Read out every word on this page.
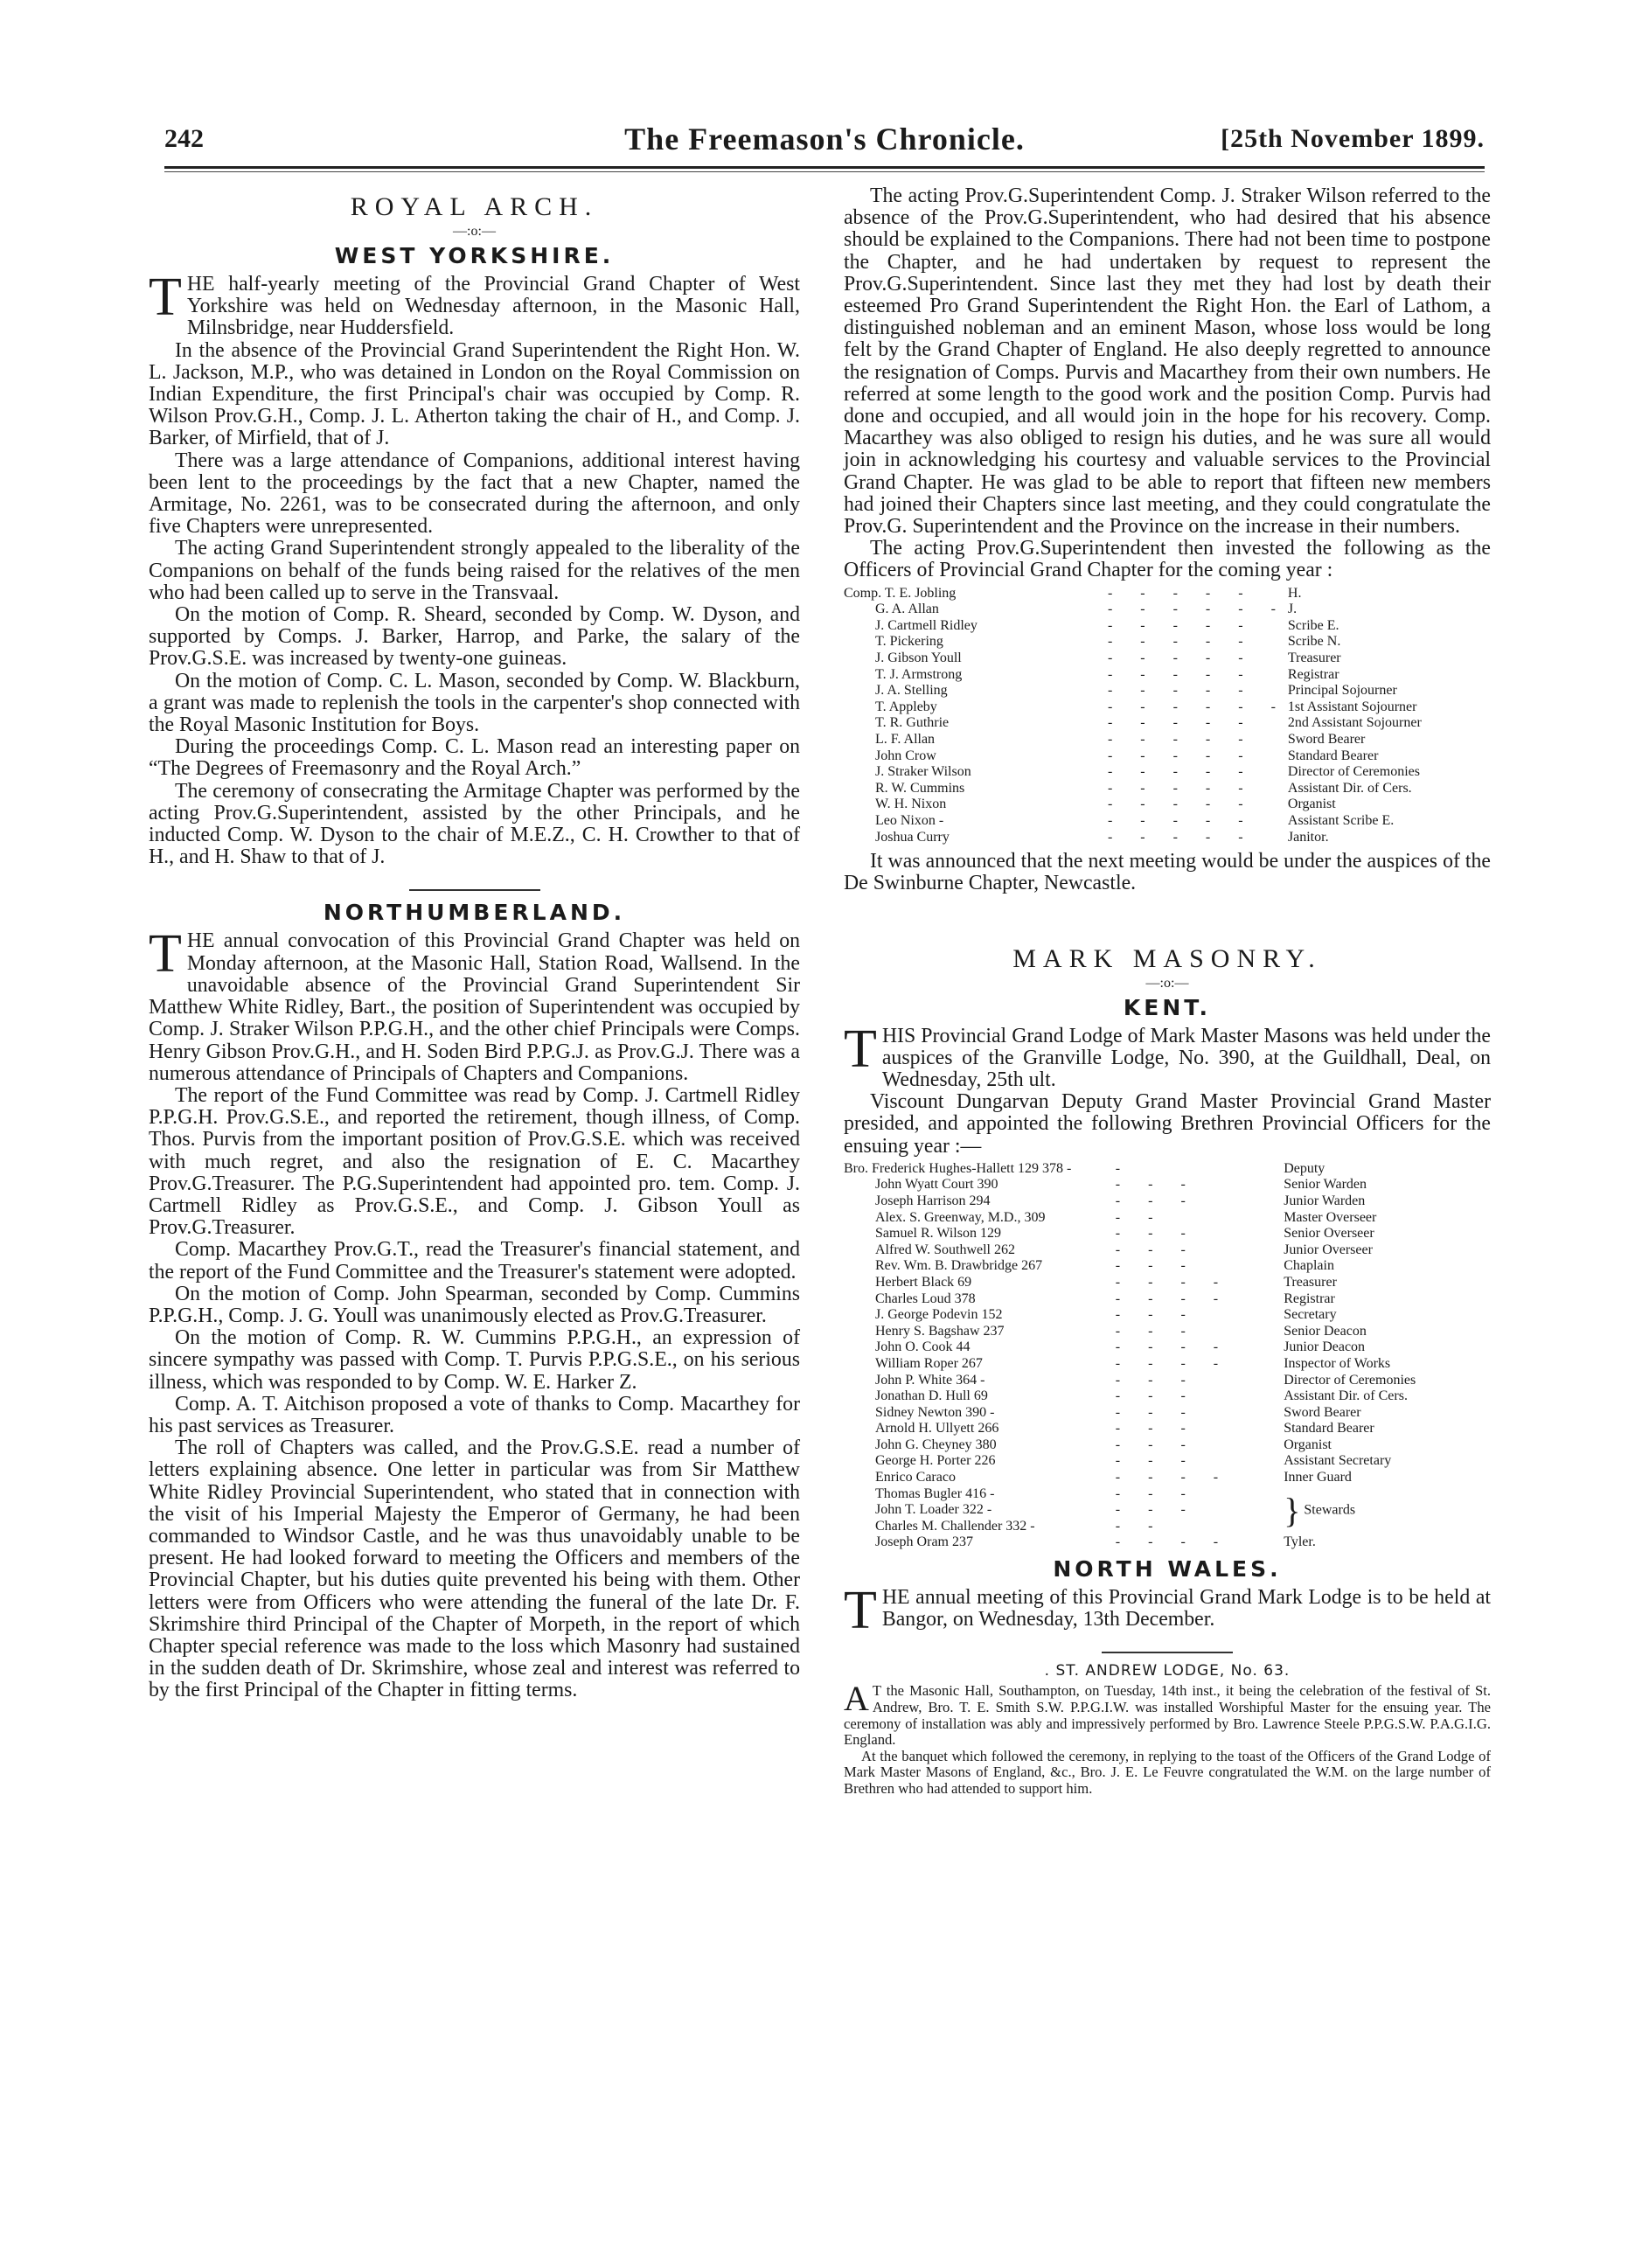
242	The Freemason's Chronicle.	[25th November 1899.
ROYAL ARCH.
—:o:—
WEST YORKSHIRE.

THE half-yearly meeting of the Provincial Grand Chapter of West Yorkshire was held on Wednesday afternoon, in the Masonic Hall, Milnsbridge, near Huddersfield.

In the absence of the Provincial Grand Superintendent the Right Hon. W. L. Jackson, M.P., who was detained in London on the Royal Commission on Indian Expenditure, the first Principal's chair was occupied by Comp. R. Wilson Prov.G.H., Comp. J. L. Atherton taking the chair of H., and Comp. J. Barker, of Mirfield, that of J.

There was a large attendance of Companions, additional interest having been lent to the proceedings by the fact that a new Chapter, named the Armitage, No. 2261, was to be consecrated during the afternoon, and only five Chapters were unrepresented.

The acting Grand Superintendent strongly appealed to the liberality of the Companions on behalf of the funds being raised for the relatives of the men who had been called up to serve in the Transvaal.

On the motion of Comp. R. Sheard, seconded by Comp. W. Dyson, and supported by Comps. J. Barker, Harrop, and Parke, the salary of the Prov.G.S.E. was increased by twenty-one guineas.

On the motion of Comp. C. L. Mason, seconded by Comp. W. Blackburn, a grant was made to replenish the tools in the carpenter's shop connected with the Royal Masonic Institution for Boys.

During the proceedings Comp. C. L. Mason read an interesting paper on “The Degrees of Freemasonry and the Royal Arch.”

The ceremony of consecrating the Armitage Chapter was performed by the acting Prov.G.Superintendent, assisted by the other Principals, and he inducted Comp. W. Dyson to the chair of M.E.Z., C. H. Crowther to that of H., and H. Shaw to that of J.

NORTHUMBERLAND.

THE annual convocation of this Provincial Grand Chapter was held on Monday afternoon, at the Masonic Hall, Station Road, Wallsend. In the unavoidable absence of the Provincial Grand Superintendent Sir Matthew White Ridley, Bart., the position of Superintendent was occupied by Comp. J. Straker Wilson P.P.G.H., and the other chief Principals were Comps. Henry Gibson Prov.G.H., and H. Soden Bird P.P.G.J. as Prov.G.J. There was a numerous attendance of Principals of Chapters and Companions.

The report of the Fund Committee was read by Comp. J. Cartmell Ridley P.P.G.H. Prov.G.S.E., and reported the retirement, though illness, of Comp. Thos. Purvis from the important position of Prov.G.S.E. which was received with much regret, and also the resignation of E. C. Macarthey Prov.G.Treasurer. The P.G.Superintendent had appointed pro. tem. Comp. J. Cartmell Ridley as Prov.G.S.E., and Comp. J. Gibson Youll as Prov.G.Treasurer.

Comp. Macarthey Prov.G.T., read the Treasurer's financial statement, and the report of the Fund Committee and the Treasurer's statement were adopted.

On the motion of Comp. John Spearman, seconded by Comp. Cummins P.P.G.H., Comp. J. G. Youll was unanimously elected as Prov.G.Treasurer.

On the motion of Comp. R. W. Cummins P.P.G.H., an expression of sincere sympathy was passed with Comp. T. Purvis P.P.G.S.E., on his serious illness, which was responded to by Comp. W. E. Harker Z.

Comp. A. T. Aitchison proposed a vote of thanks to Comp. Macarthey for his past services as Treasurer.

The roll of Chapters was called, and the Prov.G.S.E. read a number of letters explaining absence. One letter in particular was from Sir Matthew White Ridley Provincial Superintendent, who stated that in connection with the visit of his Imperial Majesty the Emperor of Germany, he had been commanded to Windsor Castle, and he was thus unavoidably unable to be present. He had looked forward to meeting the Officers and members of the Provincial Chapter, but his duties quite prevented his being with them. Other letters were from Officers who were attending the funeral of the late Dr. F. Skrimshire third Principal of the Chapter of Morpeth, in the report of which Chapter special reference was made to the loss which Masonry had sustained in the sudden death of Dr. Skrimshire, whose zeal and interest was referred to by the first Principal of the Chapter in fitting terms.

The acting Prov.G.Superintendent Comp. J. Straker Wilson referred to the absence of the Prov.G.Superintendent, who had desired that his absence should be explained to the Companions. There had not been time to postpone the Chapter, and he had undertaken by request to represent the Prov.G.Superintendent. Since last they met they had lost by death their esteemed Pro Grand Superintendent the Right Hon. the Earl of Lathom, a distinguished nobleman and an eminent Mason, whose loss would be long felt by the Grand Chapter of England. He also deeply regretted to announce the resignation of Comps. Purvis and Macarthey from their own numbers. He referred at some length to the good work and the position Comp. Purvis had done and occupied, and all would join in the hope for his recovery. Comp. Macarthey was also obliged to resign his duties, and he was sure all would join in acknowledging his courtesy and valuable services to the Provincial Grand Chapter. He was glad to be able to report that fifteen new members had joined their Chapters since last meeting, and they could congratulate the Prov.G. Superintendent and the Province on the increase in their numbers.

The acting Prov.G.Superintendent then invested the following as the Officers of Provincial Grand Chapter for the coming year :

Comp. T. E. Jobling	- - - - -	H.
G. A. Allan	- - - - - -	J.
J. Cartmell Ridley	- - - - -	Scribe E.
T. Pickering	- - - - -	Scribe N.
J. Gibson Youll	- - - - -	Treasurer
T. J. Armstrong	- - - - -	Registrar
J. A. Stelling	- - - - -	Principal Sojourner
T. Appleby	- - - - - -	1st Assistant Sojourner
T. R. Guthrie	- - - - -	2nd Assistant Sojourner
L. F. Allan	- - - - -	Sword Bearer
John Crow	- - - - -	Standard Bearer
J. Straker Wilson	- - - - -	Director of Ceremonies
R. W. Cummins	- - - - -	Assistant Dir. of Cers.
W. H. Nixon	- - - - -	Organist
Leo Nixon -	- - - - -	Assistant Scribe E.
Joshua Curry	- - - - -	Janitor.

It was announced that the next meeting would be under the auspices of the De Swinburne Chapter, Newcastle.

MARK MASONRY.
—:o:—
KENT.

THIS Provincial Grand Lodge of Mark Master Masons was held under the auspices of the Granville Lodge, No. 390, at the Guildhall, Deal, on Wednesday, 25th ult.

Viscount Dungarvan Deputy Grand Master Provincial Grand Master presided, and appointed the following Brethren Provincial Officers for the ensuing year :—

Bro. Frederick Hughes-Hallett 129 378 -	-	Deputy
John Wyatt Court 390	- - -	Senior Warden
Joseph Harrison 294	- - -	Junior Warden
Alex. S. Greenway, M.D., 309	- -	Master Overseer
Samuel R. Wilson 129	- - -	Senior Overseer
Alfred W. Southwell 262	- - -	Junior Overseer
Rev. Wm. B. Drawbridge 267	- - -	Chaplain
Herbert Black 69	- - - -	Treasurer
Charles Loud 378	- - - -	Registrar
J. George Podevin 152	- - -	Secretary
Henry S. Bagshaw 237	- - -	Senior Deacon
John O. Cook 44	- - - -	Junior Deacon
William Roper 267	- - - -	Inspector of Works
John P. White 364 -	- - -	Director of Ceremonies
Jonathan D. Hull 69	- - -	Assistant Dir. of Cers.
Sidney Newton 390 -	- - -	Sword Bearer
Arnold H. Ullyett 266	- - -	Standard Bearer
John G. Cheyney 380	- - -	Organist
George H. Porter 226	- - -	Assistant Secretary
Enrico Caraco	- - - -	Inner Guard
Thomas Bugler 416 -	- - -	} Stewards
John T. Loader 322 -	- - -	
Charles M. Challender 332 -	- -	
Joseph Oram 237	- - - -	Tyler.
NORTH WALES.

THE annual meeting of this Provincial Grand Mark Lodge is to be held at Bangor, on Wednesday, 13th December.

. ST. ANDREW LODGE, No. 63.

A T the Masonic Hall, Southampton, on Tuesday, 14th inst., it being the celebration of the festival of St. Andrew, Bro. T. E. Smith S.W. P.P.G.I.W. was installed Worshipful Master for the ensuing year. The ceremony of installation was ably and impressively performed by Bro. Lawrence Steele P.P.G.S.W. P.A.G.I.G. England.

At the banquet which followed the ceremony, in replying to the toast of the Officers of the Grand Lodge of Mark Master Masons of England, &c., Bro. J. E. Le Feuvre congratulated the W.M. on the large number of Brethren who had attended to support him.
